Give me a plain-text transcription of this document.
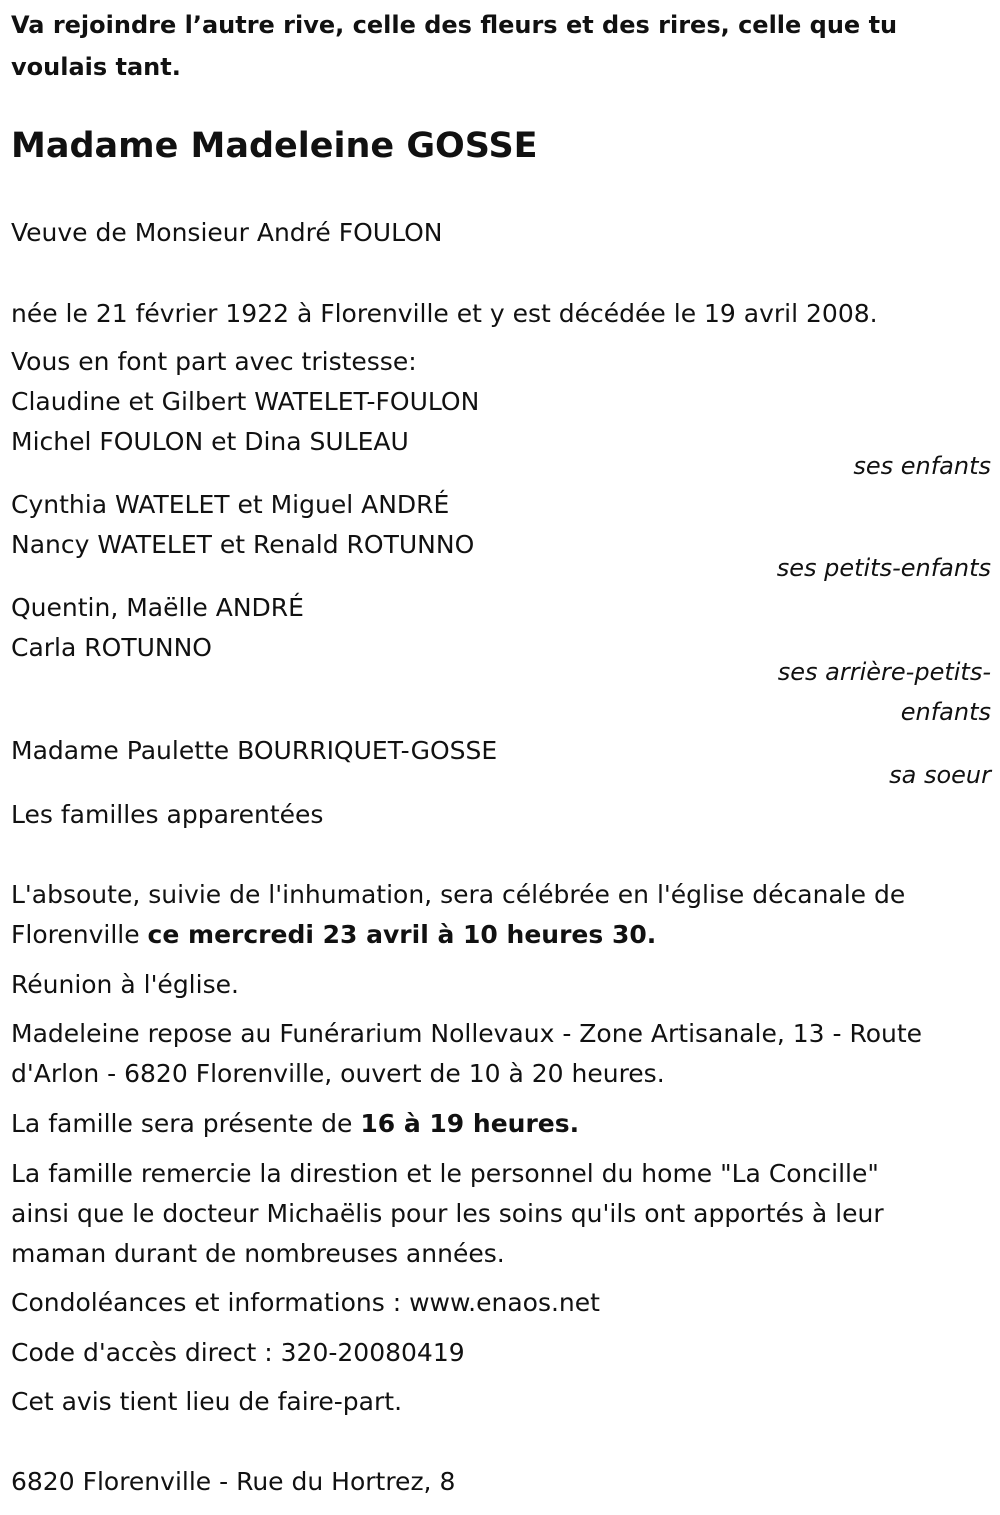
Va rejoindre l’autre rive, celle des fleurs et des rires, celle que tu
voulais tant.
Madame Madeleine GOSSE
Veuve de Monsieur André FOULON
née le 21 février 1922 à Florenville et y est décédée le 19 avril 2008.
Vous en font part avec tristesse:
Claudine et Gilbert WATELET-FOULON
Michel FOULON et Dina SULEAU
ses enfants
Cynthia WATELET et Miguel ANDRÉ
Nancy WATELET et Renald ROTUNNO
ses petits-enfants
Quentin, Maëlle ANDRÉ
Carla ROTUNNO
ses arrière-petits-
enfants
Madame Paulette BOURRIQUET-GOSSE
sa soeur
Les familles apparentées
L'absoute, suivie de l'inhumation, sera célébrée en l'église décanale de
Florenville ce mercredi 23 avril à 10 heures 30.
Réunion à l'église.
Madeleine repose au Funérarium Nollevaux - Zone Artisanale, 13 - Route
d'Arlon - 6820 Florenville, ouvert de 10 à 20 heures.
La famille sera présente de 16 à 19 heures.
La famille remercie la direstion et le personnel du home "La Concille"
ainsi que le docteur Michaëlis pour les soins qu'ils ont apportés à leur
maman durant de nombreuses années.
Condoléances et informations : www.enaos.net
Code d'accès direct : 320-20080419
Cet avis tient lieu de faire-part.
6820 Florenville - Rue du Hortrez, 8
